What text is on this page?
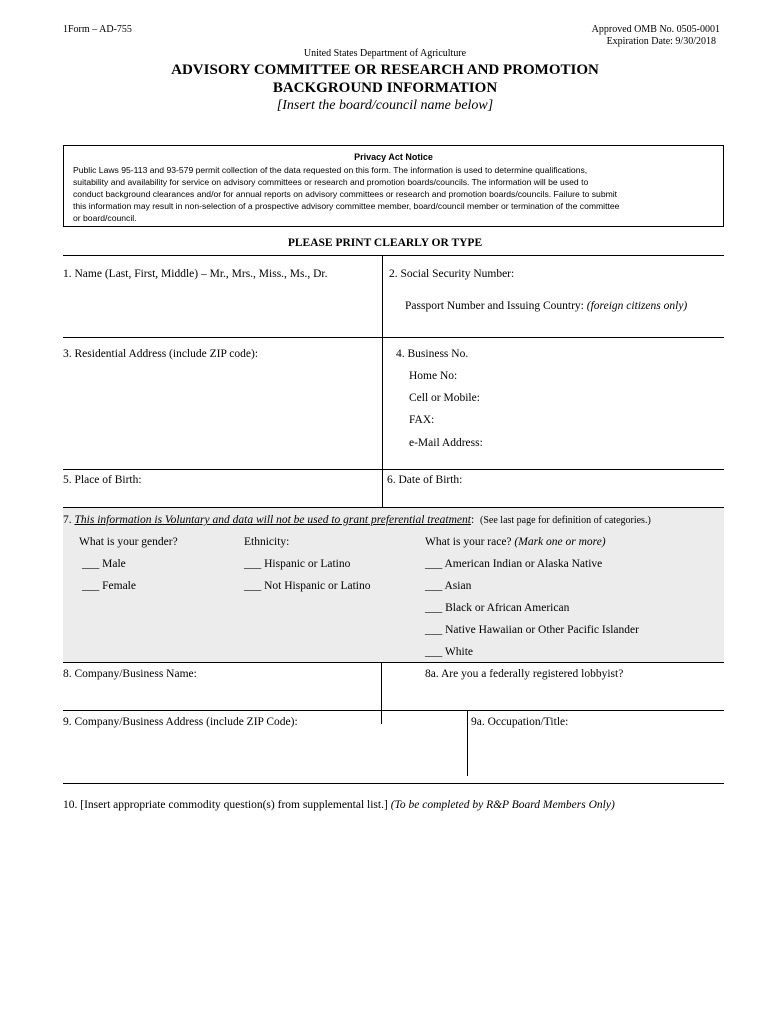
1Form – AD-755	Approved OMB No. 0505-0001
Expiration Date: 9/30/2018
United States Department of Agriculture
ADVISORY COMMITTEE OR RESEARCH AND PROMOTION
BACKGROUND INFORMATION
[Insert the board/council name below]
Privacy Act Notice
Public Laws 95-113 and 93-579 permit collection of the data requested on this form. The information is used to determine qualifications,
suitability and availability for service on advisory committees or research and promotion boards/councils. The information will be used to
conduct background clearances and/or for annual reports on advisory committees or research and promotion boards/councils. Failure to submit
this information may result in non-selection of a prospective advisory committee member, board/council member or termination of the committee
or board/council.
PLEASE PRINT CLEARLY OR TYPE
1. Name (Last, First, Middle) – Mr., Mrs., Miss., Ms., Dr.	2. Social Security Number:
Passport Number and Issuing Country: (foreign citizens only)
3. Residential Address (include ZIP code):	4. Business No.
Home No:
Cell or Mobile:
FAX:
e-Mail Address:
5. Place of Birth:	6. Date of Birth:
7. This information is Voluntary and data will not be used to grant preferential treatment: (See last page for definition of categories.)
What is your gender?	Ethnicity:	What is your race? (Mark one or more)
___ Male
___ Female
___ Hispanic or Latino
___ Not Hispanic or Latino
___ American Indian or Alaska Native
___ Asian
___ Black or African American
___ Native Hawaiian or Other Pacific Islander
___ White
8. Company/Business Name:	8a. Are you a federally registered lobbyist?
9. Company/Business Address (include ZIP Code):	9a. Occupation/Title:
10. [Insert appropriate commodity question(s) from supplemental list.] (To be completed by R&P Board Members Only)
